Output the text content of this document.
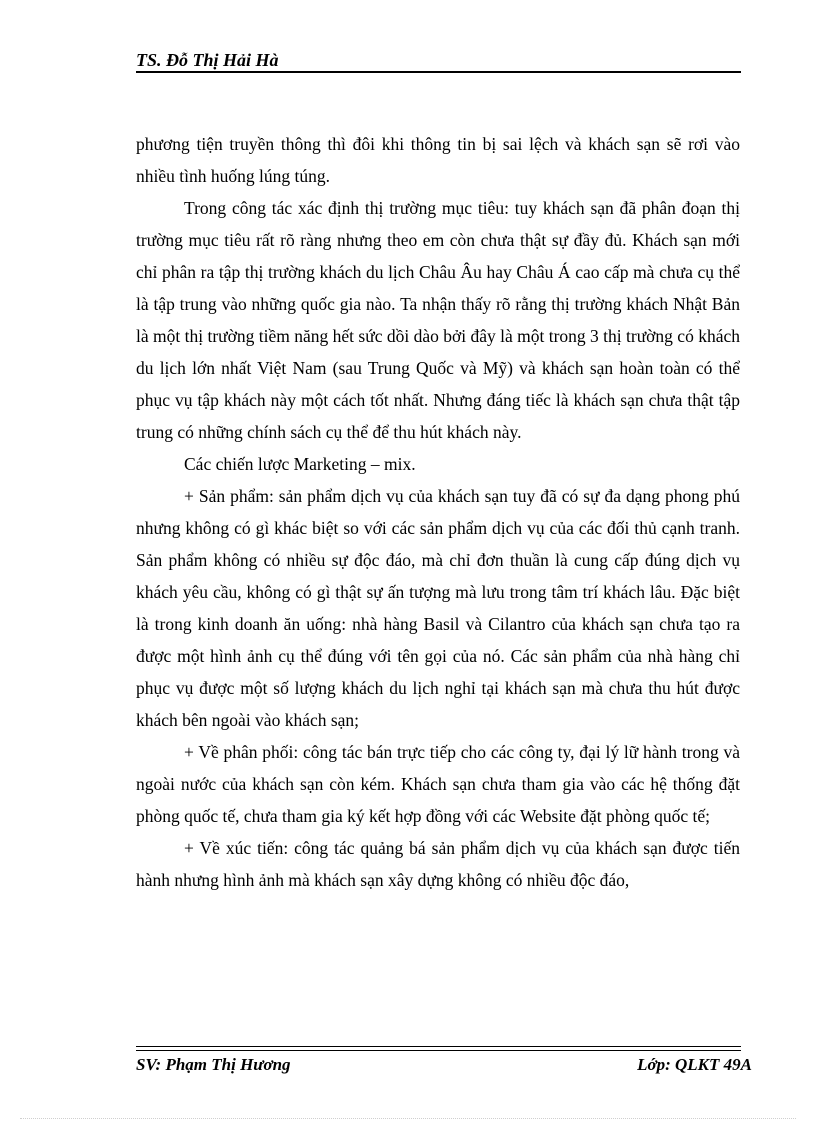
TS. Đỗ Thị Hải Hà

phương tiện truyền thông thì đôi khi thông tin bị sai lệch và khách sạn sẽ rơi vào nhiều tình huống lúng túng.

Trong công tác xác định thị trường mục tiêu: tuy khách sạn đã phân đoạn thị trường mục tiêu rất rõ ràng nhưng theo em còn chưa thật sự đầy đủ. Khách sạn mới chỉ phân ra tập thị trường khách du lịch Châu Âu hay Châu Á cao cấp mà chưa cụ thể là tập trung vào những quốc gia nào. Ta nhận thấy rõ rằng thị trường khách Nhật Bản là một thị trường tiềm năng hết sức dồi dào bởi đây là một trong 3 thị trường có khách du lịch lớn nhất Việt Nam (sau Trung Quốc và Mỹ) và khách sạn hoàn toàn có thể phục vụ tập khách này một cách tốt nhất. Nhưng đáng tiếc là khách sạn chưa thật tập trung có những chính sách cụ thể để thu hút khách này.

Các chiến lược Marketing – mix.

+ Sản phẩm: sản phẩm dịch vụ của khách sạn tuy đã có sự đa dạng phong phú nhưng không có gì khác biệt so với các sản phẩm dịch vụ của các đối thủ cạnh tranh. Sản phẩm không có nhiều sự độc đáo, mà chỉ đơn thuần là cung cấp đúng dịch vụ khách yêu cầu, không có gì thật sự ấn tượng mà lưu trong tâm trí khách lâu. Đặc biệt là trong kinh doanh ăn uống: nhà hàng Basil và Cilantro của khách sạn chưa tạo ra được một hình ảnh cụ thể đúng với tên gọi của nó. Các sản phẩm của nhà hàng chỉ phục vụ được một số lượng khách du lịch nghỉ tại khách sạn mà chưa thu hút được khách bên ngoài vào khách sạn;

+ Về phân phối: công tác bán trực tiếp cho các công ty, đại lý lữ hành trong và ngoài nước của khách sạn còn kém. Khách sạn chưa tham gia vào các hệ thống đặt phòng quốc tế, chưa tham gia ký kết hợp đồng với các Website đặt phòng quốc tế;

+ Về xúc tiến: công tác quảng bá sản phẩm dịch vụ của khách sạn được tiến hành nhưng hình ảnh mà khách sạn xây dựng không có nhiều độc đáo,

SV: Phạm Thị Hương	Lớp: QLKT 49A
